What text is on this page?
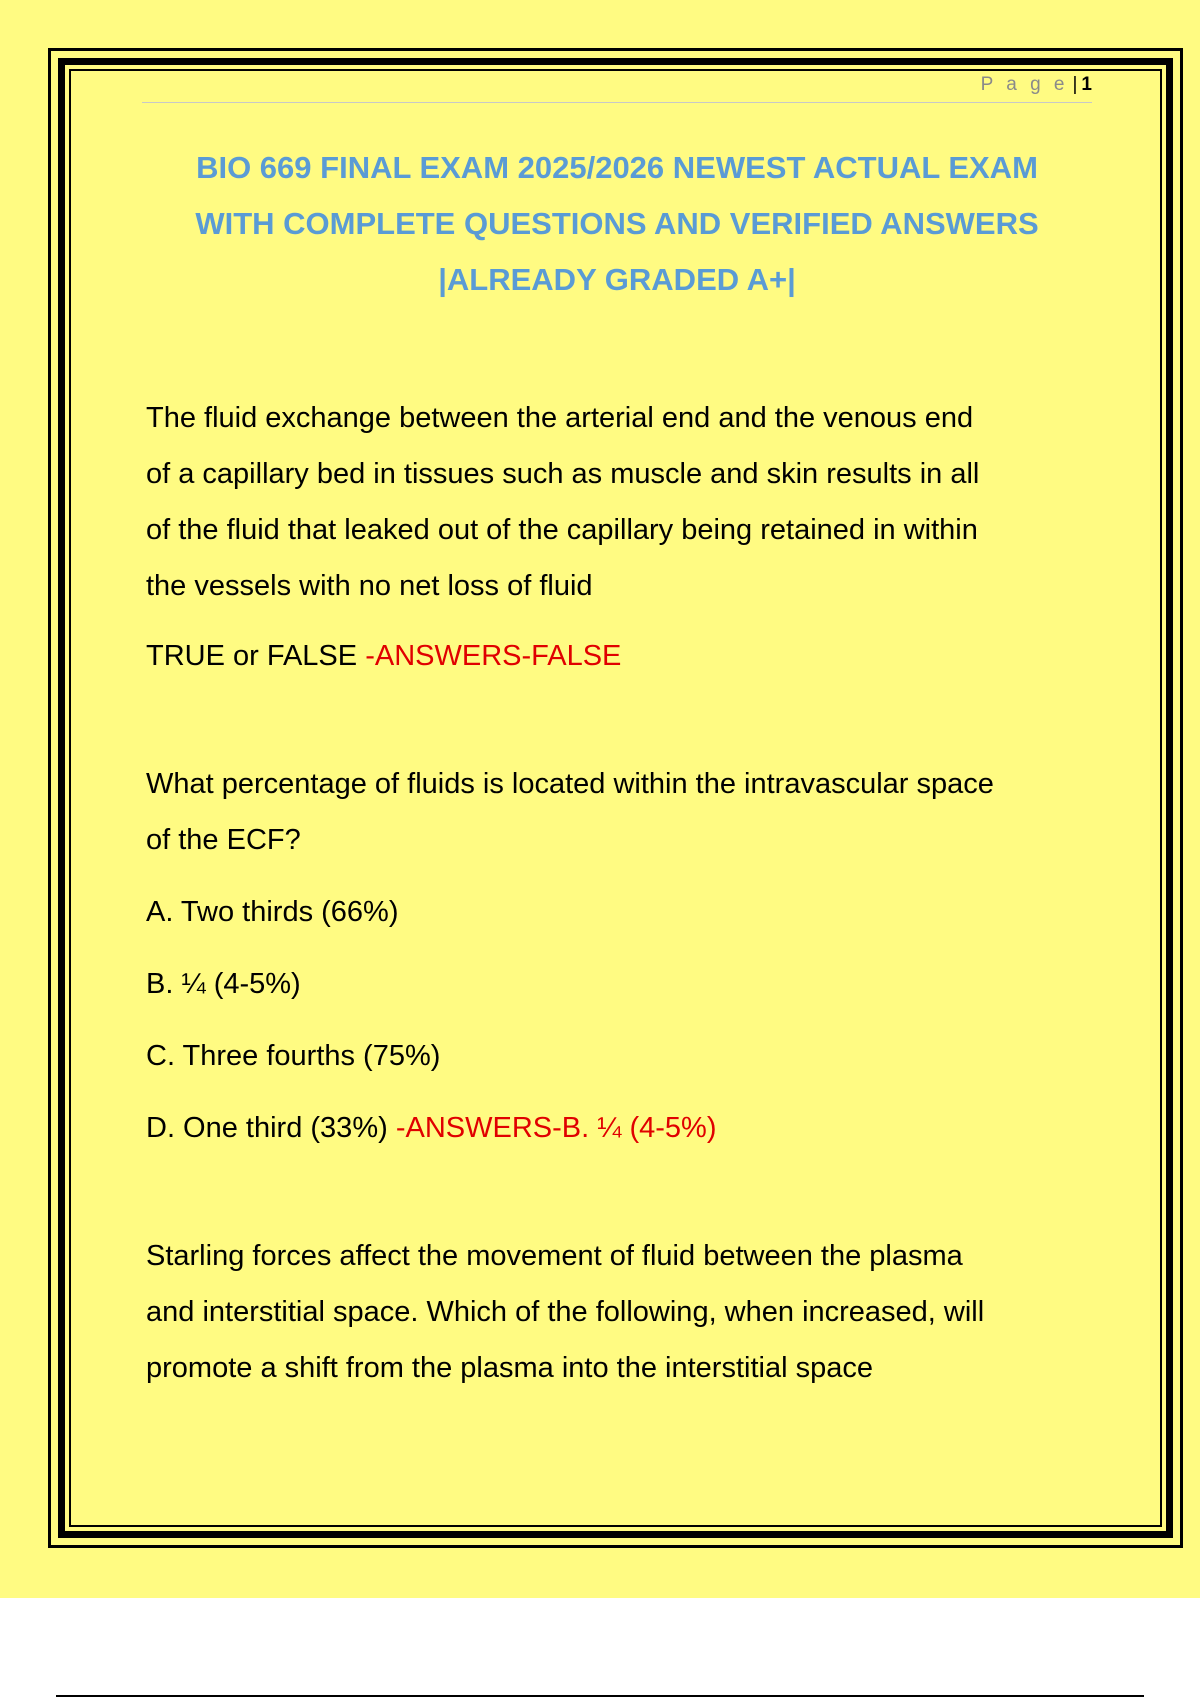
P a g e | 1
BIO 669 FINAL EXAM 2025/2026 NEWEST ACTUAL EXAM
WITH COMPLETE QUESTIONS AND VERIFIED ANSWERS
|ALREADY GRADED A+|

The fluid exchange between the arterial end and the venous end
of a capillary bed in tissues such as muscle and skin results in all
of the fluid that leaked out of the capillary being retained in within
the vessels with no net loss of fluid

TRUE or FALSE -ANSWERS-FALSE

What percentage of fluids is located within the intravascular space
of the ECF?

A. Two thirds (66%)

B. ¼ (4-5%)

C. Three fourths (75%)

D. One third (33%) -ANSWERS-B. ¼ (4-5%)

Starling forces affect the movement of fluid between the plasma
and interstitial space. Which of the following, when increased, will
promote a shift from the plasma into the interstitial space
